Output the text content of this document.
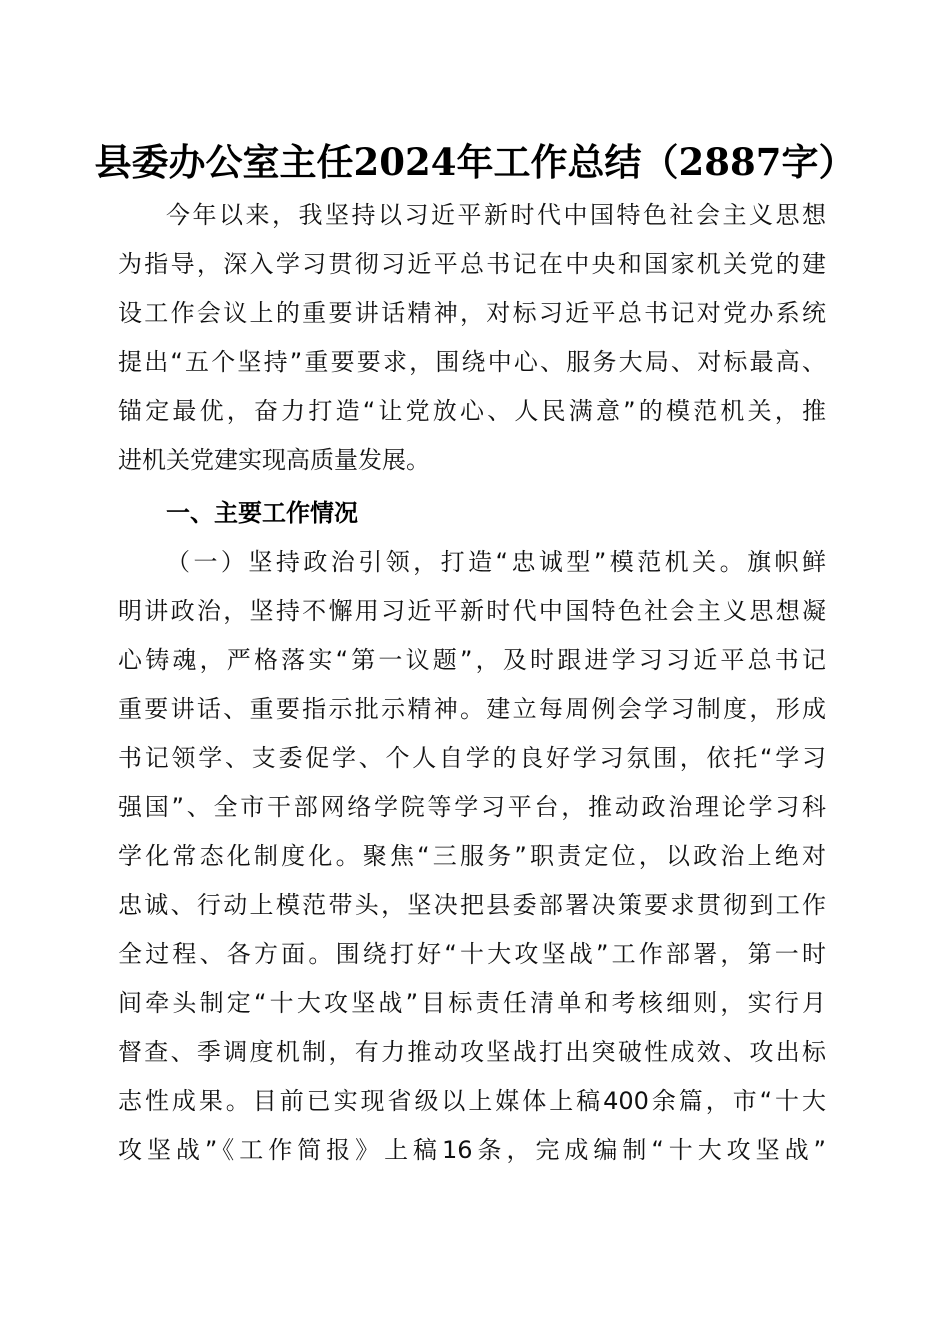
县委办公室主任2024年工作总结（2887字）
今年以来，我坚持以习近平新时代中国特色社会主义思想
为指导，深入学习贯彻习近平总书记在中央和国家机关党的建
设工作会议上的重要讲话精神，对标习近平总书记对党办系统
提出“五个坚持”重要要求，围绕中心、服务大局、对标最高、
锚定最优，奋力打造“让党放心、人民满意”的模范机关，推
进机关党建实现高质量发展。
一、主要工作情况
（一）坚持政治引领，打造“忠诚型”模范机关。旗帜鲜
明讲政治，坚持不懈用习近平新时代中国特色社会主义思想凝
心铸魂，严格落实“第一议题”，及时跟进学习习近平总书记
重要讲话、重要指示批示精神。建立每周例会学习制度，形成
书记领学、支委促学、个人自学的良好学习氛围，依托“学习
强国”、全市干部网络学院等学习平台，推动政治理论学习科
学化常态化制度化。聚焦“三服务”职责定位，以政治上绝对
忠诚、行动上模范带头，坚决把县委部署决策要求贯彻到工作
全过程、各方面。围绕打好“十大攻坚战”工作部署，第一时
间牵头制定“十大攻坚战”目标责任清单和考核细则，实行月
督查、季调度机制，有力推动攻坚战打出突破性成效、攻出标
志性成果。目前已实现省级以上媒体上稿400余篇，市“十大
攻坚战”《工作简报》上稿16条，完成编制“十大攻坚战”
